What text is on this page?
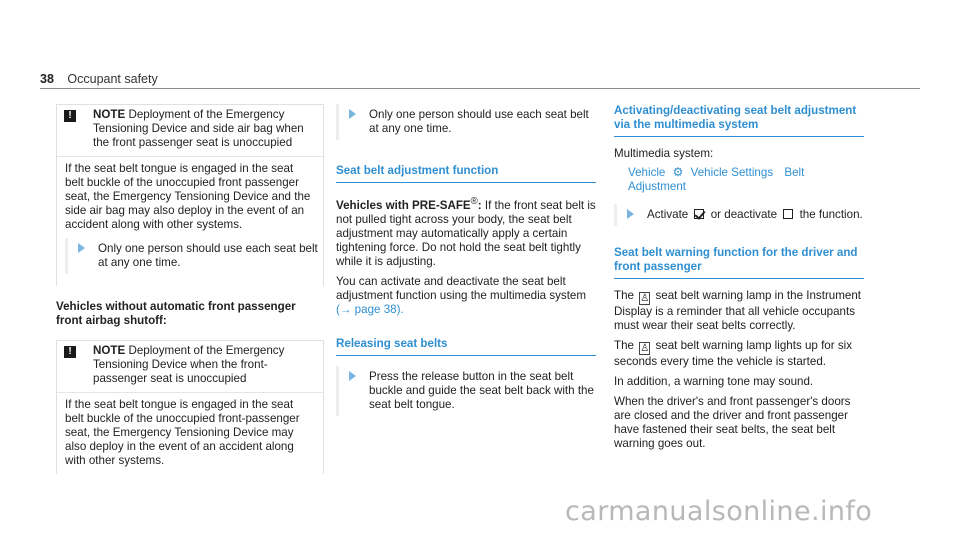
38 Occupant safety
!	NOTE Deployment of the Emergency Tensioning Device and side air bag when the front passenger seat is unoccupied
If the seat belt tongue is engaged in the seat belt buckle of the unoccupied front passenger seat, the Emergency Tensioning Device and the side air bag may also deploy in the event of an accident along with other systems.
Only one person should use each seat belt at any one time.
Vehicles without automatic front passenger front airbag shutoff:
!	NOTE Deployment of the Emergency Tensioning Device when the front-passenger seat is unoccupied
If the seat belt tongue is engaged in the seat belt buckle of the unoccupied front-passenger seat, the Emergency Tensioning Device may also deploy in the event of an accident along with other systems.
Only one person should use each seat belt at any one time.
Seat belt adjustment function
Vehicles with PRE-SAFE®: If the front seat belt is not pulled tight across your body, the seat belt adjustment may automatically apply a certain tightening force. Do not hold the seat belt tightly while it is adjusting.
You can activate and deactivate the seat belt adjustment function using the multimedia system (→ page 38).
Releasing seat belts
Press the release button in the seat belt buckle and guide the seat belt back with the seat belt tongue.
Activating/deactivating seat belt adjustment via the multimedia system
Multimedia system:
Vehicle ⚙ Vehicle Settings Belt Adjustment
Activate or deactivate the function.
Seat belt warning function for the driver and front passenger
The ♙ seat belt warning lamp in the Instrument Display is a reminder that all vehicle occupants must wear their seat belts correctly.
The ♙ seat belt warning lamp lights up for six seconds every time the vehicle is started.
In addition, a warning tone may sound.
When the driver's and front passenger's doors are closed and the driver and front passenger have fastened their seat belts, the seat belt warning goes out.
carmanualsonline.info
